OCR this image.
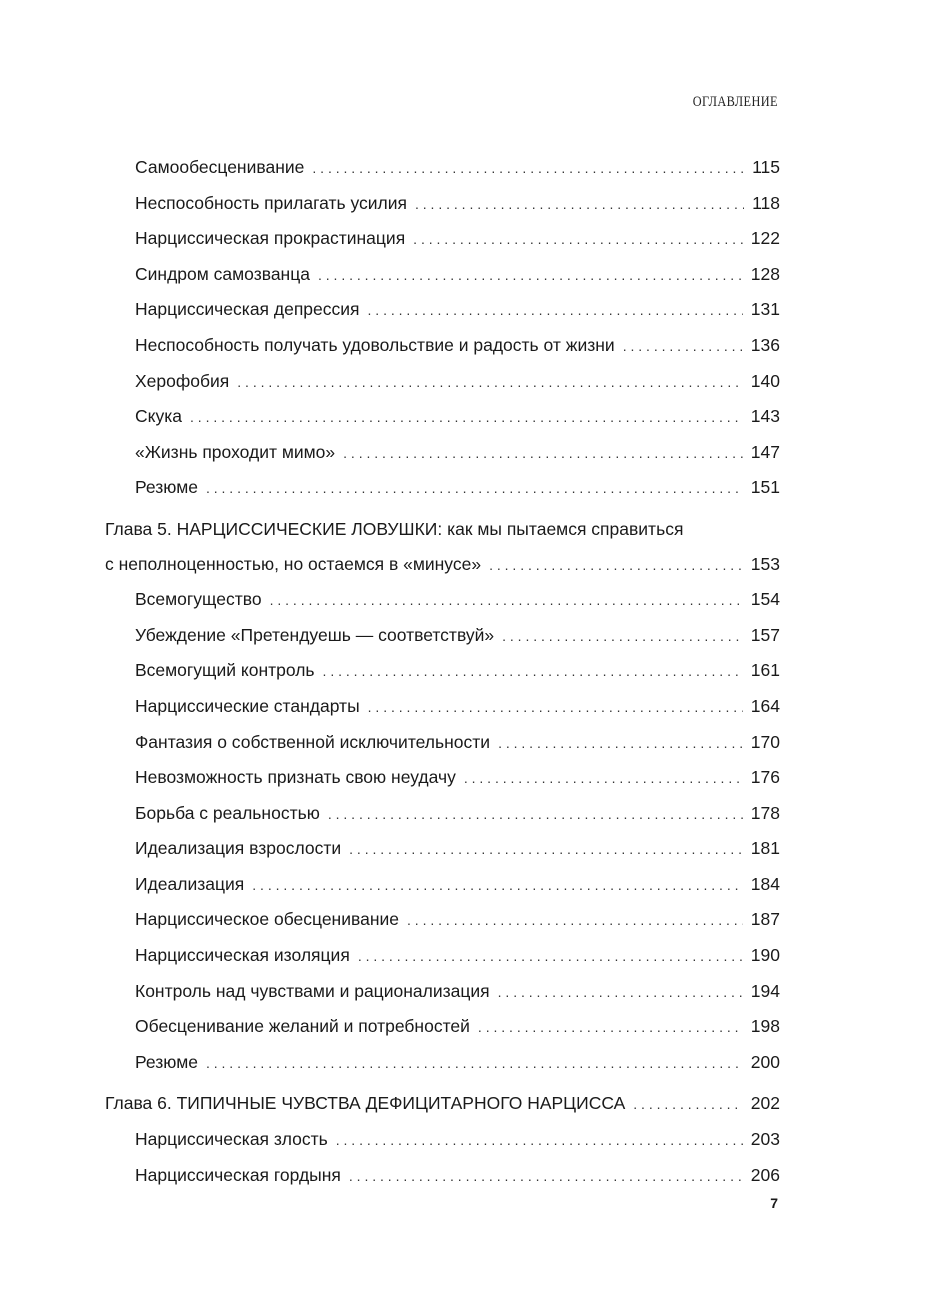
ОГЛАВЛЕНИЕ
Самообесценивание . . .	115
Неспособность прилагать усилия . . .	118
Нарциссическая прокрастинация . . .	122
Синдром самозванца . . .	128
Нарциссическая депрессия . . .	131
Неспособность получать удовольствие и радость от жизни . . .	136
Херофобия . . .	140
Скука . . .	143
«Жизнь проходит мимо» . . .	147
Резюме . . .	151
Глава 5. НАРЦИССИЧЕСКИЕ ЛОВУШКИ: как мы пытаемся справиться
с неполноценностью, но остаемся в «минусе» . . .	153
Всемогущество . . .	154
Убеждение «Претендуешь — соответствуй» . . .	157
Всемогущий контроль . . .	161
Нарциссические стандарты . . .	164
Фантазия о собственной исключительности . . .	170
Невозможность признать свою неудачу . . .	176
Борьба с реальностью . . .	178
Идеализация взрослости . . .	181
Идеализация . . .	184
Нарциссическое обесценивание . . .	187
Нарциссическая изоляция . . .	190
Контроль над чувствами и рационализация . . .	194
Обесценивание желаний и потребностей . . .	198
Резюме . . .	200
Глава 6. ТИПИЧНЫЕ ЧУВСТВА ДЕФИЦИТАРНОГО НАРЦИССА . . .	202
Нарциссическая злость . . .	203
Нарциссическая гордыня . . .	206
7
